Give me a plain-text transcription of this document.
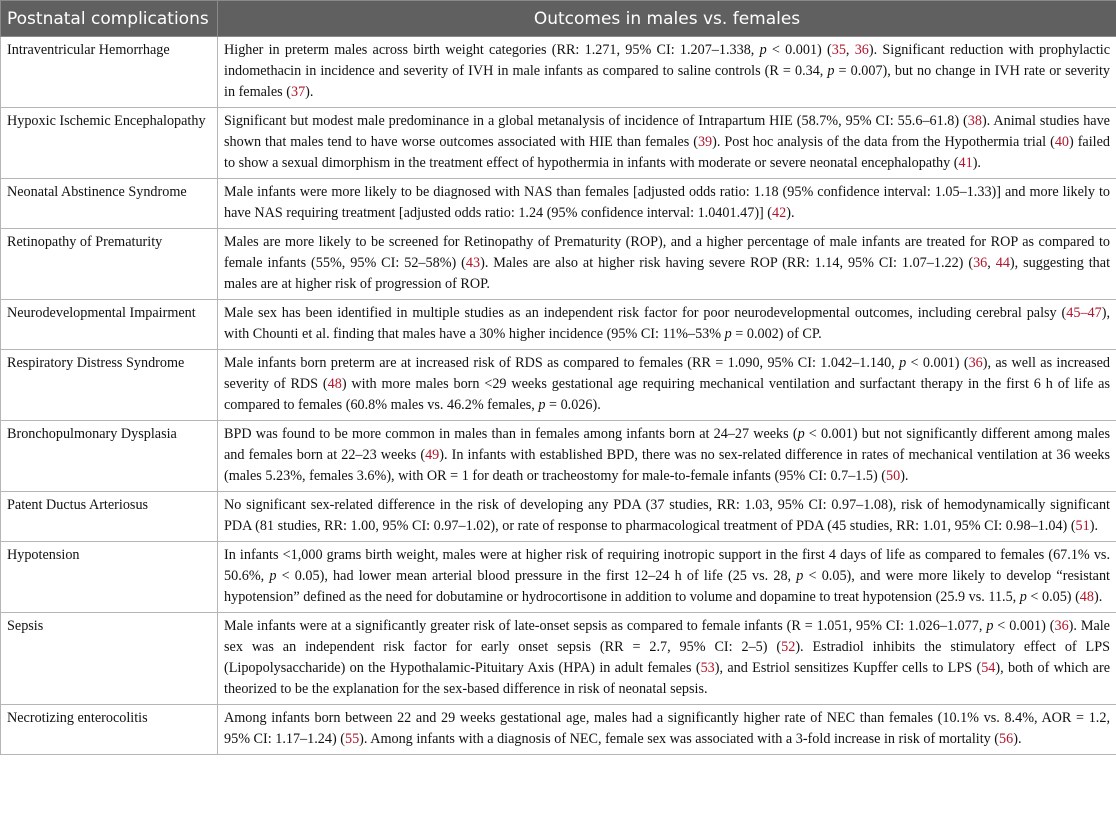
Postnatal complications	Outcomes in males vs. females
Intraventricular Hemorrhage	Higher in preterm males across birth weight categories (RR: 1.271, 95% CI: 1.207–1.338, p < 0.001) (35, 36). Significant reduction with prophylactic indomethacin in incidence and severity of IVH in male infants as compared to saline controls (R = 0.34, p = 0.007), but no change in IVH rate or severity in females (37).
Hypoxic Ischemic Encephalopathy	Significant but modest male predominance in a global metanalysis of incidence of Intrapartum HIE (58.7%, 95% CI: 55.6–61.8) (38). Animal studies have shown that males tend to have worse outcomes associated with HIE than females (39). Post hoc analysis of the data from the Hypothermia trial (40) failed to show a sexual dimorphism in the treatment effect of hypothermia in infants with moderate or severe neonatal encephalopathy (41).
Neonatal Abstinence Syndrome	Male infants were more likely to be diagnosed with NAS than females [adjusted odds ratio: 1.18 (95% confidence interval: 1.05–1.33)] and more likely to have NAS requiring treatment [adjusted odds ratio: 1.24 (95% confidence interval: 1.0401.47)] (42).
Retinopathy of Prematurity	Males are more likely to be screened for Retinopathy of Prematurity (ROP), and a higher percentage of male infants are treated for ROP as compared to female infants (55%, 95% CI: 52–58%) (43). Males are also at higher risk having severe ROP (RR: 1.14, 95% CI: 1.07–1.22) (36, 44), suggesting that males are at higher risk of progression of ROP.
Neurodevelopmental Impairment	Male sex has been identified in multiple studies as an independent risk factor for poor neurodevelopmental outcomes, including cerebral palsy (45–47), with Chounti et al. finding that males have a 30% higher incidence (95% CI: 11%–53% p = 0.002) of CP.
Respiratory Distress Syndrome	Male infants born preterm are at increased risk of RDS as compared to females (RR = 1.090, 95% CI: 1.042–1.140, p < 0.001) (36), as well as increased severity of RDS (48) with more males born <29 weeks gestational age requiring mechanical ventilation and surfactant therapy in the first 6 h of life as compared to females (60.8% males vs. 46.2% females, p = 0.026).
Bronchopulmonary Dysplasia	BPD was found to be more common in males than in females among infants born at 24–27 weeks (p < 0.001) but not significantly different among males and females born at 22–23 weeks (49). In infants with established BPD, there was no sex-related difference in rates of mechanical ventilation at 36 weeks (males 5.23%, females 3.6%), with OR = 1 for death or tracheostomy for male-to-female infants (95% CI: 0.7–1.5) (50).
Patent Ductus Arteriosus	No significant sex-related difference in the risk of developing any PDA (37 studies, RR: 1.03, 95% CI: 0.97–1.08), risk of hemodynamically significant PDA (81 studies, RR: 1.00, 95% CI: 0.97–1.02), or rate of response to pharmacological treatment of PDA (45 studies, RR: 1.01, 95% CI: 0.98–1.04) (51).
Hypotension	In infants <1,000 grams birth weight, males were at higher risk of requiring inotropic support in the first 4 days of life as compared to females (67.1% vs. 50.6%, p < 0.05), had lower mean arterial blood pressure in the first 12–24 h of life (25 vs. 28, p < 0.05), and were more likely to develop “resistant hypotension” defined as the need for dobutamine or hydrocortisone in addition to volume and dopamine to treat hypotension (25.9 vs. 11.5, p < 0.05) (48).
Sepsis	Male infants were at a significantly greater risk of late-onset sepsis as compared to female infants (R = 1.051, 95% CI: 1.026–1.077, p < 0.001) (36). Male sex was an independent risk factor for early onset sepsis (RR = 2.7, 95% CI: 2–5) (52). Estradiol inhibits the stimulatory effect of LPS (Lipopolysaccharide) on the Hypothalamic-Pituitary Axis (HPA) in adult females (53), and Estriol sensitizes Kupffer cells to LPS (54), both of which are theorized to be the explanation for the sex-based difference in risk of neonatal sepsis.
Necrotizing enterocolitis	Among infants born between 22 and 29 weeks gestational age, males had a significantly higher rate of NEC than females (10.1% vs. 8.4%, AOR = 1.2, 95% CI: 1.17–1.24) (55). Among infants with a diagnosis of NEC, female sex was associated with a 3-fold increase in risk of mortality (56).
